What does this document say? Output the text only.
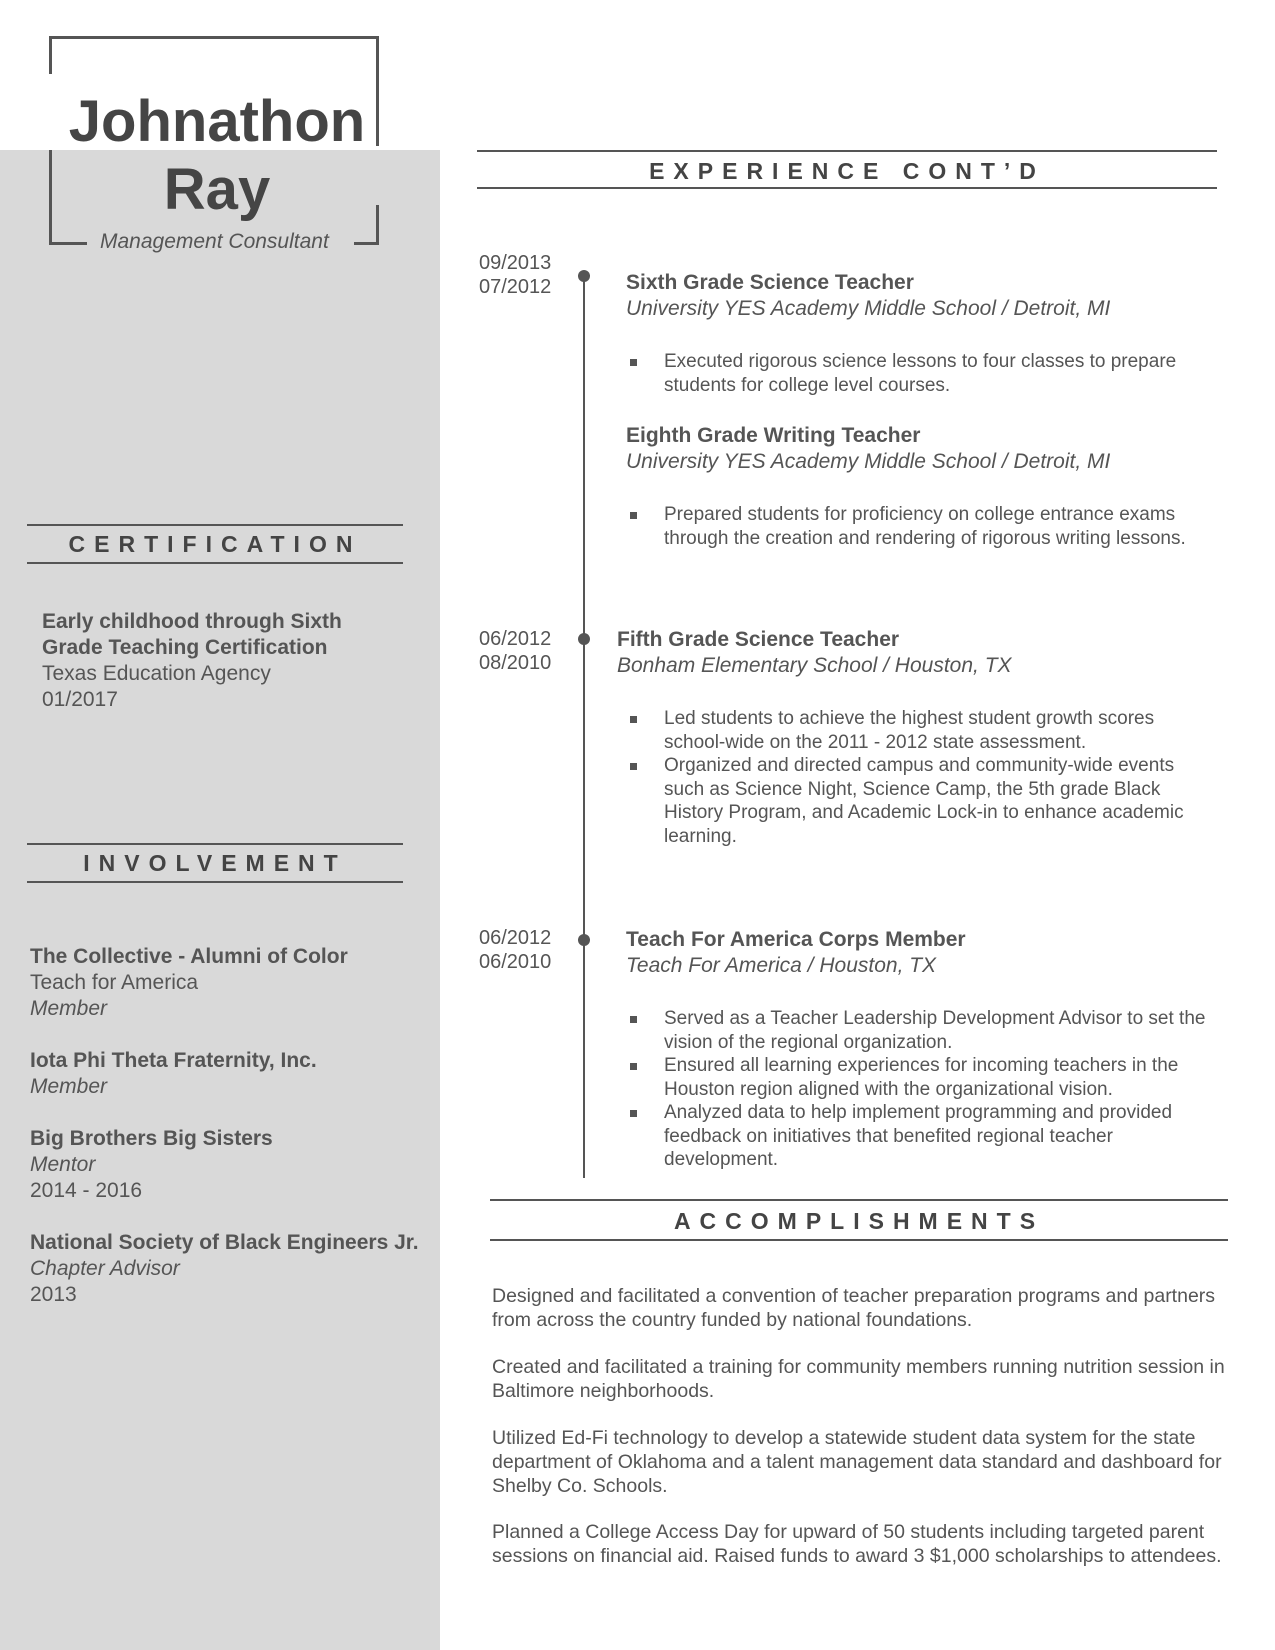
Johnathon
Ray
Management Consultant
CERTIFICATION
Early childhood through Sixth
Grade Teaching Certification
Texas Education Agency
01/2017
INVOLVEMENT
The Collective - Alumni of Color
Teach for America
Member
Iota Phi Theta Fraternity, Inc.
Member
Big Brothers Big Sisters
Mentor
2014 - 2016
National Society of Black Engineers Jr.
Chapter Advisor
2013
EXPERIENCE CONT’D
09/2013
07/2012	Sixth Grade Science Teacher
University YES Academy Middle School / Detroit, MI
Executed rigorous science lessons to four classes to prepare students for college level courses.
Eighth Grade Writing Teacher
University YES Academy Middle School / Detroit, MI
Prepared students for proficiency on college entrance exams through the creation and rendering of rigorous writing lessons.
06/2012
08/2010
Fifth Grade Science Teacher
Bonham Elementary School / Houston, TX
Led students to achieve the highest student growth scores school-wide on the 2011 - 2012 state assessment.
Organized and directed campus and community-wide events such as Science Night, Science Camp, the 5th grade Black History Program, and Academic Lock-in to enhance academic learning.
06/2012
06/2010
Teach For America Corps Member
Teach For America / Houston, TX
Served as a Teacher Leadership Development Advisor to set the vision of the regional organization.
Ensured all learning experiences for incoming teachers in the Houston region aligned with the organizational vision.
Analyzed data to help implement programming and provided feedback on initiatives that benefited regional teacher development.
ACCOMPLISHMENTS
Designed and facilitated a convention of teacher preparation programs and partners from across the country funded by national foundations.
Created and facilitated a training for community members running nutrition session in Baltimore neighborhoods.
Utilized Ed-Fi technology to develop a statewide student data system for the state department of Oklahoma and a talent management data standard and dashboard for Shelby Co. Schools.
Planned a College Access Day for upward of 50 students including targeted parent sessions on financial aid. Raised funds to award 3 $1,000 scholarships to attendees.
